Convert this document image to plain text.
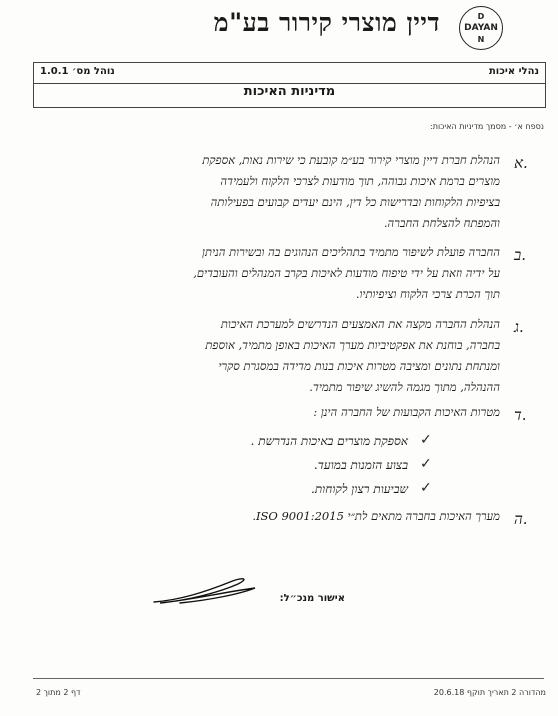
דיין מוצרי קירור בע"מ	D
DAYAN
N
נהלי איכות
1.0.1 נוהל מס׳
מדיניות האיכות
נספח א׳ - מסמך מדיניות האיכות:
א.
הנהלת חברת דיין מוצרי קירור בע״מ קובעת כי שירות נאות, אספקת
מוצרים ברמת איכות גבוהה, תוך מודעות לצרכי הלקוח ולעמידה
בציפיות הלקוחות ובדרישות כל דין, הינם יעדים קבועים בפעילותה
והמפתח להצלחת החברה.
ב.
החברה פועלת לשיפור מתמיד בתהליכים הנהוגים בה ובשירות הניתן
על ידיה וזאת על ידי טיפוח מודעות לאיכות בקרב המנהלים והעובדים,
תוך הכרת צרכי הלקוח וציפיותיו.
ג.
הנהלת החברה מקצה את האמצעים הנדרשים למערכת האיכות
בחברה, בוחנת את אפקטיביות מערך האיכות באופן מתמיד, אוספת
ומנתחת נתונים ומציבה מטרות איכות בנות מדידה במסגרת סקרי
ההנהלה, מתוך מגמה להשיג שיפור מתמיד.
ד.
מטרות האיכות הקבועות של החברה הינן :
✓
אספקת מוצרים באיכות הנדרשת .
✓
בצוע הזמנות במועד.
✓
שביעות רצון לקוחות.
ה.
מערך האיכות בחברה מתאים לת״י ISO 9001:2015.
אישור מנכ״ל:
מהדורה 2 תאריך תוקף 20.6.18
דף 2 מתוך 2
